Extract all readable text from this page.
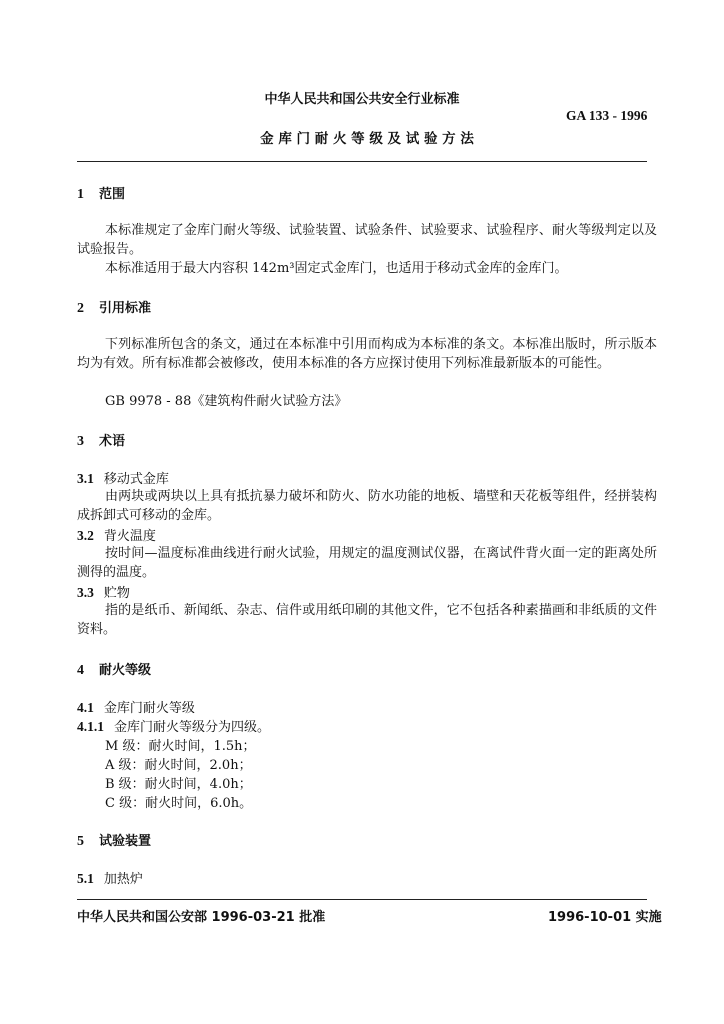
中华人民共和国公共安全行业标准
GA 133 - 1996
金 库 门 耐 火 等 级 及 试 验 方 法
1 范围
本标准规定了金库门耐火等级、试验装置、试验条件、试验要求、试验程序、耐火等级判定以及试验报告。
本标准适用于最大内容积 142m³固定式金库门，也适用于移动式金库的金库门。
2 引用标准
下列标准所包含的条文，通过在本标准中引用而构成为本标准的条文。本标准出版时，所示版本均为有效。所有标准都会被修改，使用本标准的各方应探讨使用下列标准最新版本的可能性。
GB 9978 - 88《建筑构件耐火试验方法》
3 术语
3.1 移动式金库
由两块或两块以上具有抵抗暴力破坏和防火、防水功能的地板、墙壁和天花板等组件，经拼装构成拆卸式可移动的金库。
3.2 背火温度
按时间—温度标准曲线进行耐火试验，用规定的温度测试仪器，在离试件背火面一定的距离处所测得的温度。
3.3 贮物
指的是纸币、新闻纸、杂志、信件或用纸印刷的其他文件，它不包括各种素描画和非纸质的文件资料。
4 耐火等级
4.1 金库门耐火等级
4.1.1 金库门耐火等级分为四级。
M 级：耐火时间，1.5h；
A 级：耐火时间，2.0h；
B 级：耐火时间，4.0h；
C 级：耐火时间，6.0h。
5 试验装置
5.1 加热炉
中华人民共和国公安部 1996-03-21 批准	1996-10-01 实施
